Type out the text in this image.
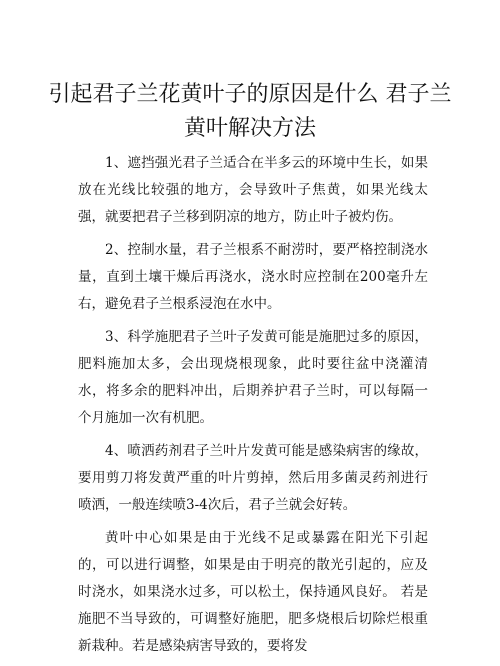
引起君子兰花黄叶子的原因是什么 君子兰黄叶解决方法

1、遮挡强光君子兰适合在半多云的环境中生长，如果放在光线比较强的地方，会导致叶子焦黄，如果光线太强，就要把君子兰移到阴凉的地方，防止叶子被灼伤。

2、控制水量，君子兰根系不耐涝时，要严格控制浇水量，直到土壤干燥后再浇水，浇水时应控制在200毫升左右，避免君子兰根系浸泡在水中。

3、科学施肥君子兰叶子发黄可能是施肥过多的原因，肥料施加太多，会出现烧根现象，此时要往盆中浇灌清水，将多余的肥料冲出，后期养护君子兰时，可以每隔一个月施加一次有机肥。

4、喷洒药剂君子兰叶片发黄可能是感染病害的缘故，要用剪刀将发黄严重的叶片剪掉，然后用多菌灵药剂进行喷洒，一般连续喷3-4次后，君子兰就会好转。

黄叶中心如果是由于光线不足或暴露在阳光下引起的，可以进行调整，如果是由于明亮的散光引起的，应及时浇水，如果浇水过多，可以松土，保持通风良好。 若是施肥不当导致的，可调整好施肥，肥多烧根后切除烂根重新栽种。若是感染病害导致的，要将发
